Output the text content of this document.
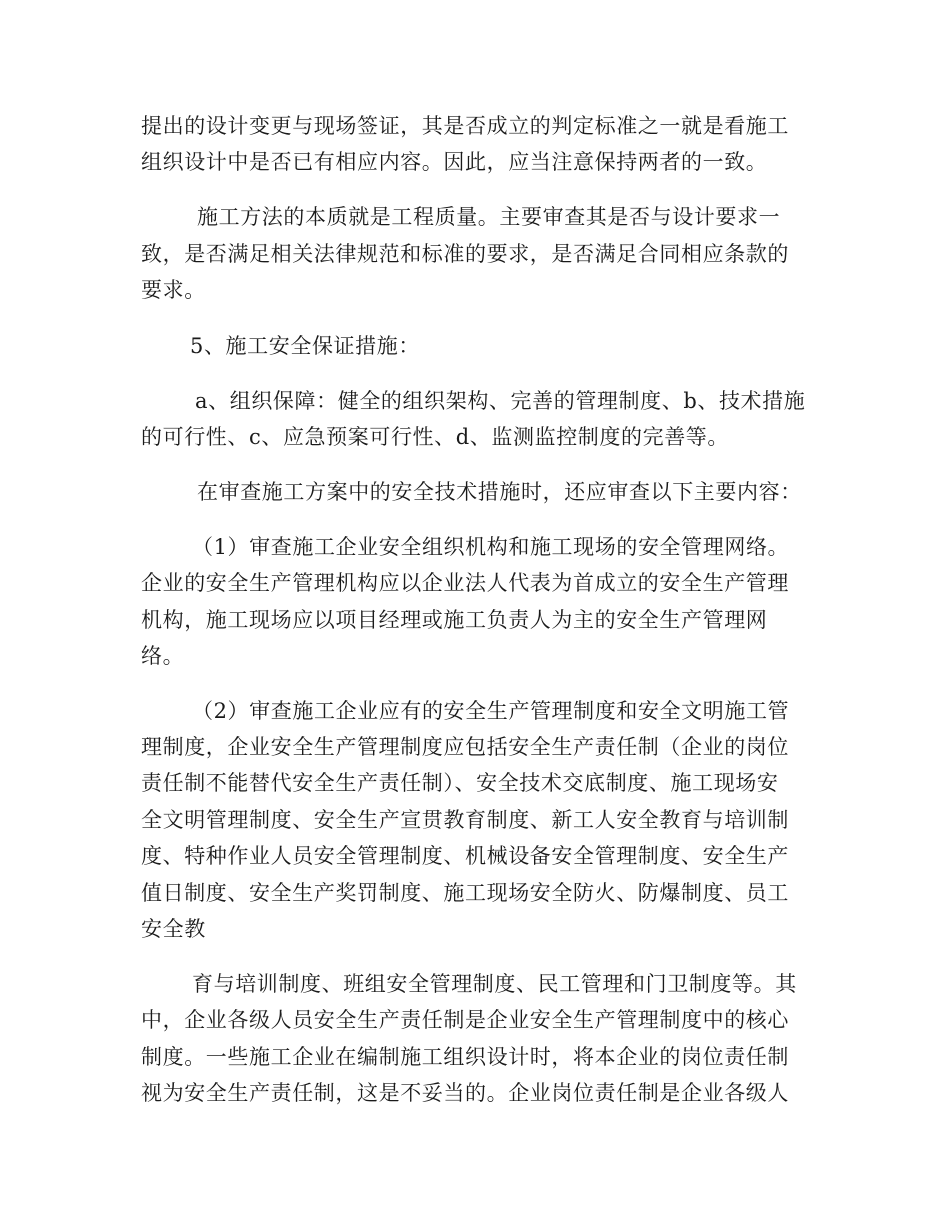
提出的设计变更与现场签证，其是否成立的判定标准之一就是看施工
组织设计中是否已有相应内容。因此，应当注意保持两者的一致。
施工方法的本质就是工程质量。主要审查其是否与设计要求一
致，是否满足相关法律规范和标准的要求，是否满足合同相应条款的
要求。
5、施工安全保证措施：
a、组织保障：健全的组织架构、完善的管理制度、b、技术措施
的可行性、c、应急预案可行性、d、监测监控制度的完善等。
在审查施工方案中的安全技术措施时，还应审查以下主要内容：
（1）审查施工企业安全组织机构和施工现场的安全管理网络。
企业的安全生产管理机构应以企业法人代表为首成立的安全生产管理
机构，施工现场应以项目经理或施工负责人为主的安全生产管理网
络。
（2）审查施工企业应有的安全生产管理制度和安全文明施工管
理制度，企业安全生产管理制度应包括安全生产责任制（企业的岗位
责任制不能替代安全生产责任制）、安全技术交底制度、施工现场安
全文明管理制度、安全生产宣贯教育制度、新工人安全教育与培训制
度、特种作业人员安全管理制度、机械设备安全管理制度、安全生产
值日制度、安全生产奖罚制度、施工现场安全防火、防爆制度、员工
安全教
育与培训制度、班组安全管理制度、民工管理和门卫制度等。其
中，企业各级人员安全生产责任制是企业安全生产管理制度中的核心
制度。一些施工企业在编制施工组织设计时，将本企业的岗位责任制
视为安全生产责任制，这是不妥当的。企业岗位责任制是企业各级人
